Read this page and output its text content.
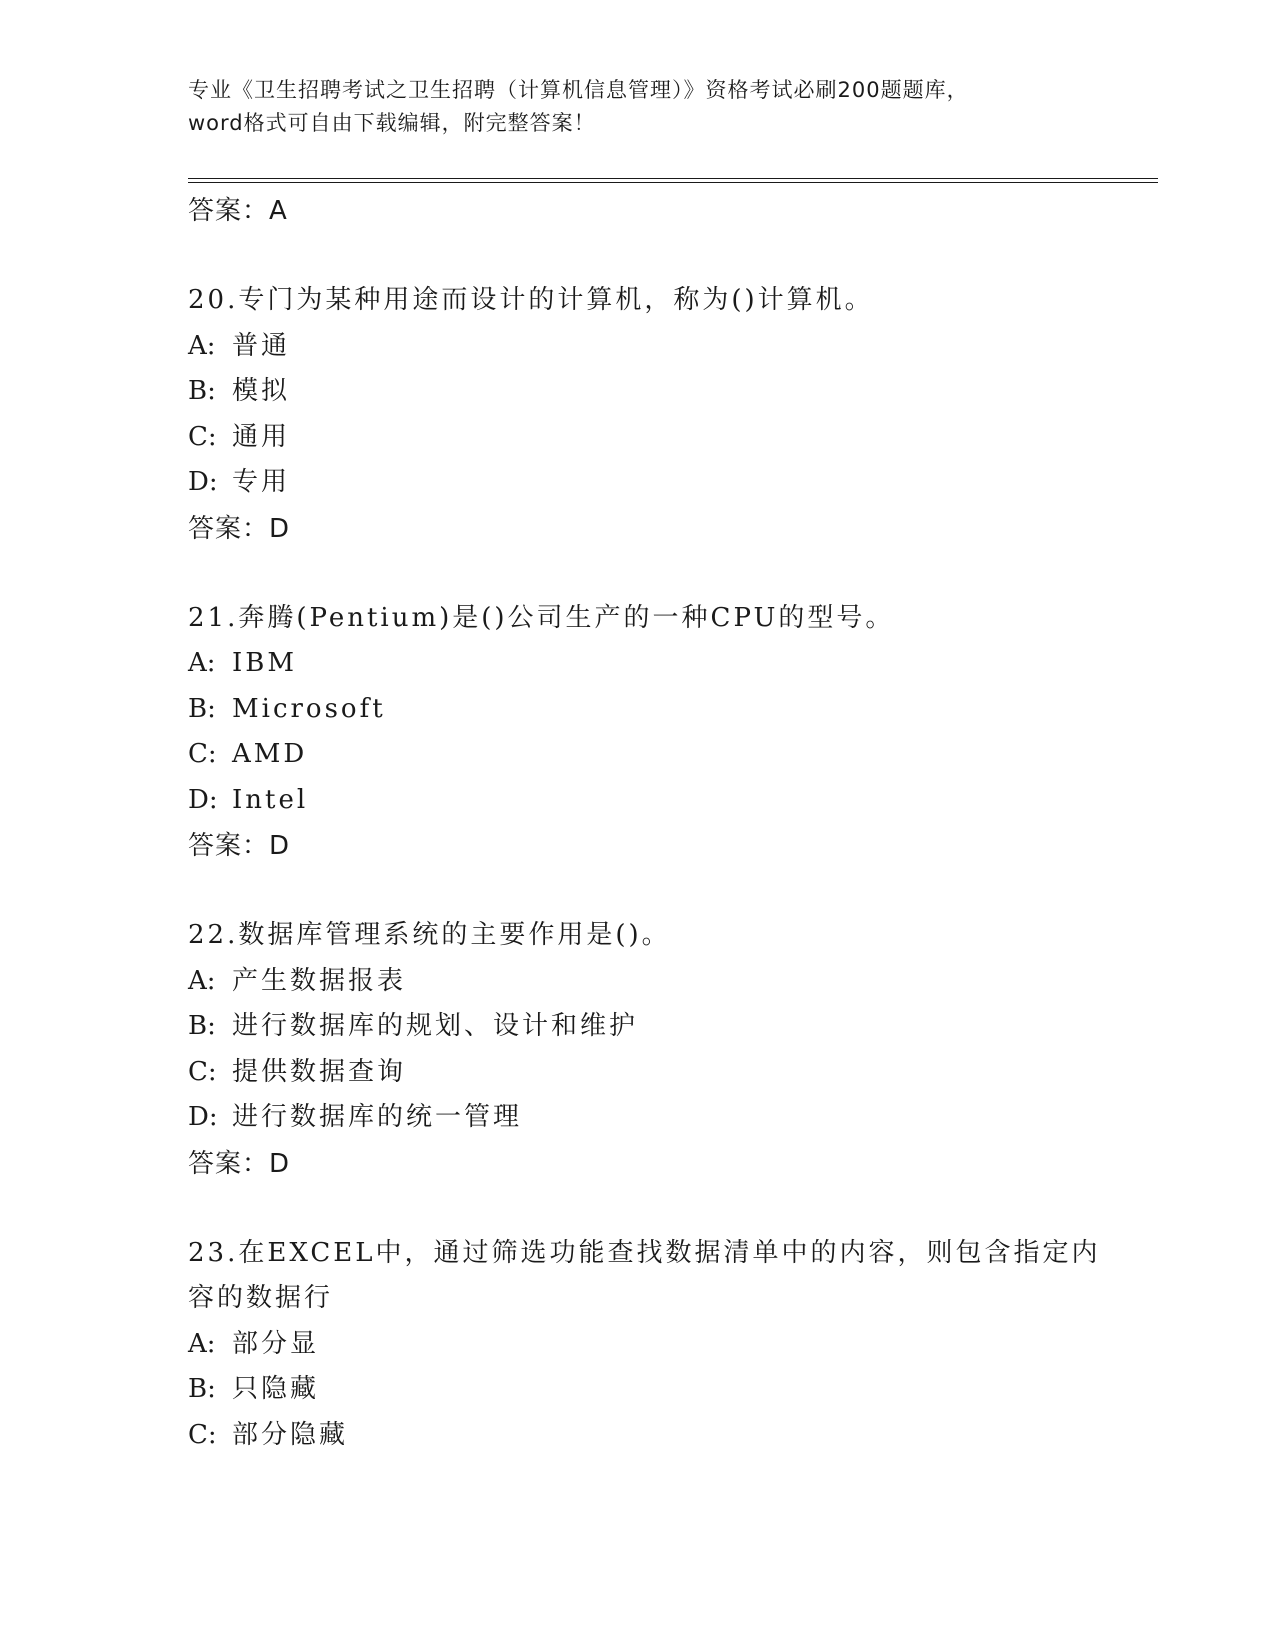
专业《卫生招聘考试之卫生招聘（计算机信息管理）》资格考试必刷200题题库，
word格式可自由下载编辑，附完整答案！
答案：A
20.专门为某种用途而设计的计算机，称为()计算机。
A: 普通
B: 模拟
C: 通用
D: 专用
答案：D
21.奔腾(Pentium)是()公司生产的一种CPU的型号。
A: IBM
B: Microsoft
C: AMD
D: Intel
答案：D
22.数据库管理系统的主要作用是()。
A: 产生数据报表
B: 进行数据库的规划、设计和维护
C: 提供数据查询
D: 进行数据库的统一管理
答案：D
23.在EXCEL中，通过筛选功能查找数据清单中的内容，则包含指定内
容的数据行
A: 部分显
B: 只隐藏
C: 部分隐藏
